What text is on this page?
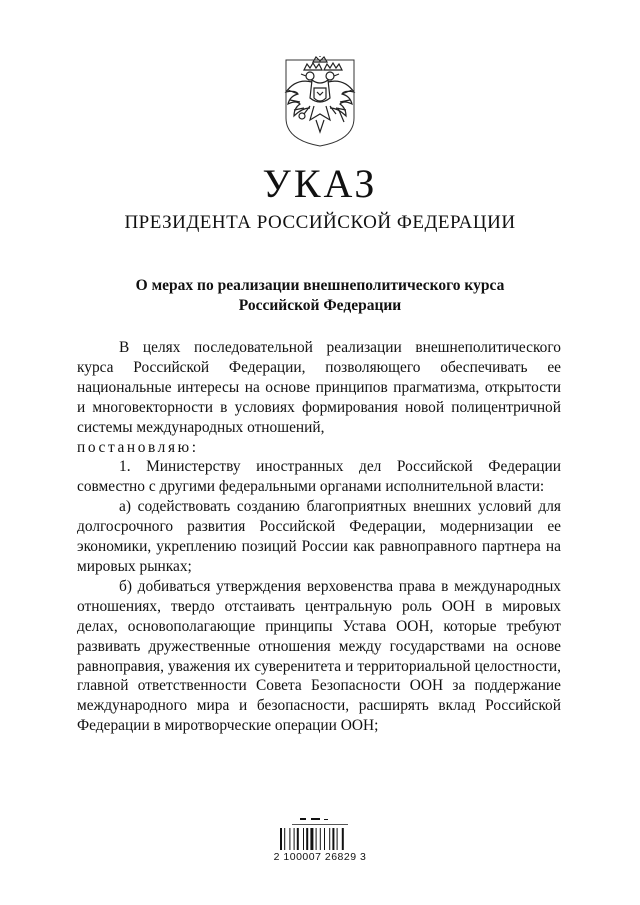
УКАЗ
ПРЕЗИДЕНТА РОССИЙСКОЙ ФЕДЕРАЦИИ
О мерах по реализации внешнеполитического курса
Российской Федерации

В целях последовательной реализации внешнеполитического курса Российской Федерации, позволяющего обеспечивать ее национальные интересы на основе принципов прагматизма, открытости и многовекторности в условиях формирования новой полицентричной системы международных отношений,

постановляю:

1. Министерству иностранных дел Российской Федерации совместно с другими федеральными органами исполнительной власти:

а) содействовать созданию благоприятных внешних условий для долгосрочного развития Российской Федерации, модернизации ее экономики, укреплению позиций России как равноправного партнера на мировых рынках;

б) добиваться утверждения верховенства права в международных отношениях, твердо отстаивать центральную роль ООН в мировых делах, основополагающие принципы Устава ООН, которые требуют развивать дружественные отношения между государствами на основе равноправия, уважения их суверенитета и территориальной целостности, главной ответственности Совета Безопасности ООН за поддержание международного мира и безопасности, расширять вклад Российской Федерации в миротворческие операции ООН;

2 100007 26829 3
